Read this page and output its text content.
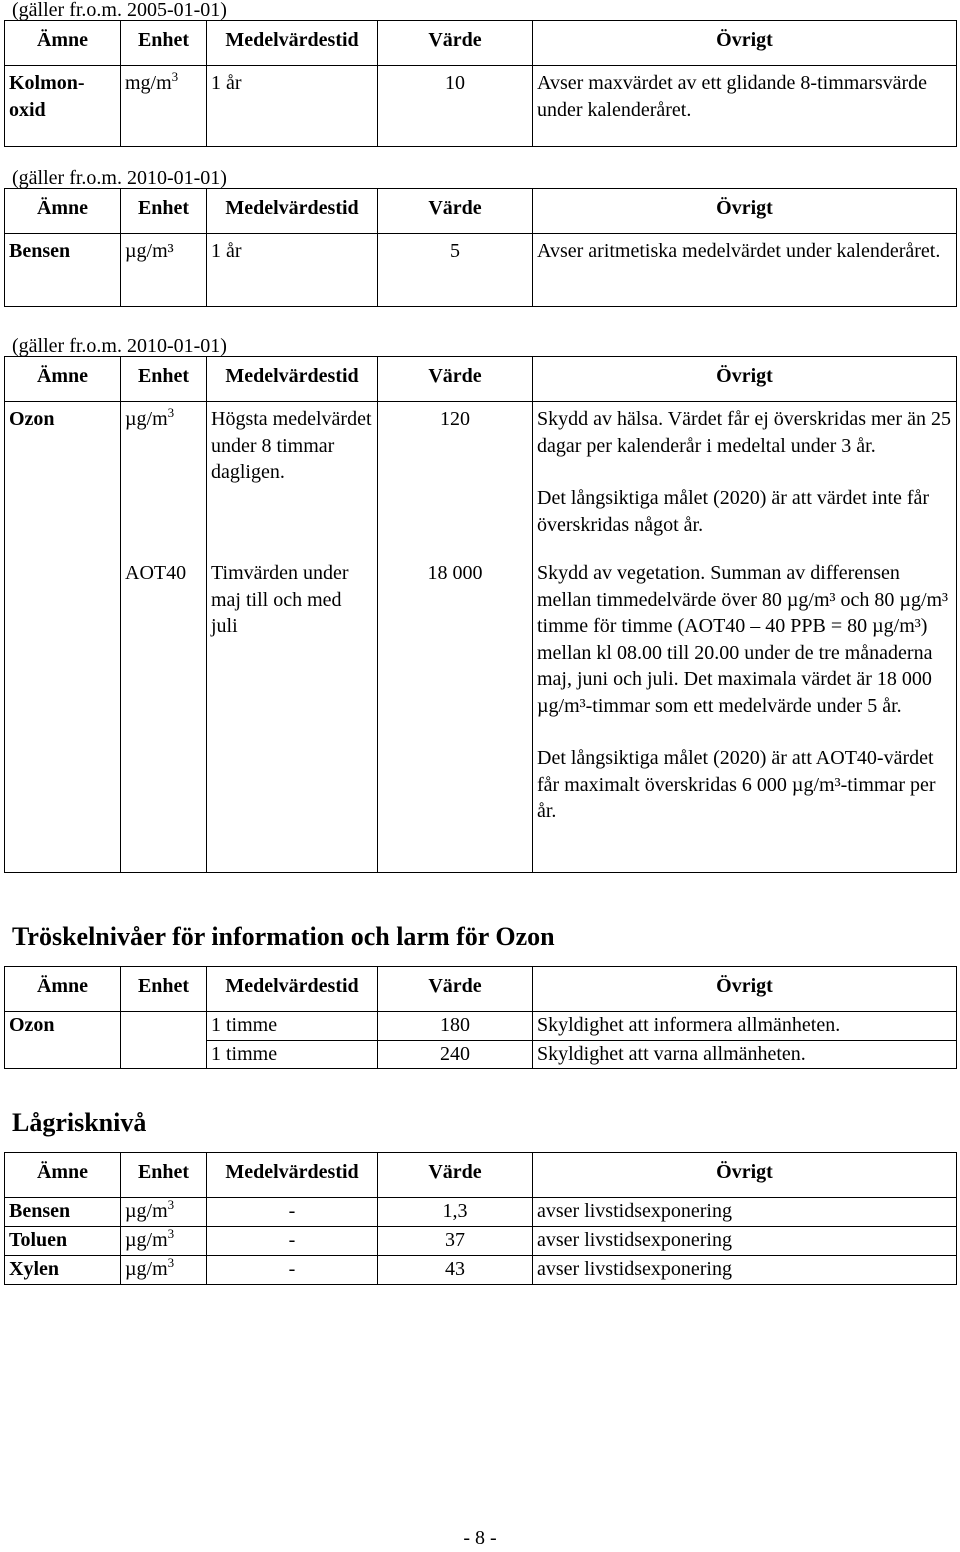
(gäller fr.o.m. 2005-01-01)
Ämne	Enhet	Medelvärdestid	Värde	Övrigt
Kolmon-oxid	$mg/m^3$	1 år	10	Avser maxvärdet av ett glidande 8-timmarsvärde under kalenderåret.
(gäller fr.o.m. 2010-01-01)
Ämne	Enhet	Medelvärdestid	Värde	Övrigt
Bensen	µg/m³	1 år	5	Avser aritmetiska medelvärdet under kalenderåret.
(gäller fr.o.m. 2010-01-01)
Ämne	Enhet	Medelvärdestid	Värde	Övrigt
Ozon	$\mu g/m^3$	Högsta medelvärdet under 8 timmar dagligen.	120	Skydd av hälsa. Värdet får ej överskridas mer än 25 dagar per kalenderår i medeltal under 3 år.
Det långsiktiga målet (2020) är att värdet inte får överskridas något år.

	AOT40	Timvärden under maj till och med juli	18 000	Skydd av vegetation. Summan av differensen mellan timmedelvärde över 80 µg/m³ och 80 µg/m³ timme för timme (AOT40 – 40 PPB = 80 µg/m³) mellan kl 08.00 till 20.00 under de tre månaderna maj, juni och juli. Det maximala värdet är 18 000 µg/m³-timmar som ett medelvärde under 5 år.
Det långsiktiga målet (2020) är att AOT40-värdet får maximalt överskridas 6 000 µg/m³-timmar per år.
Tröskelnivåer för information och larm för Ozon
Ämne	Enhet	Medelvärdestid	Värde	Övrigt
Ozon		1 timme	180	Skyldighet att informera allmänheten.
		1 timme	240	Skyldighet att varna allmänheten.
Lågrisknivå
Ämne	Enhet	Medelvärdestid	Värde	Övrigt
Bensen	$\mu g/m^3$	-	1,3	avser livstidsexponering
Toluen	$\mu g/m^3$	-	37	avser livstidsexponering
Xylen	$\mu g/m^3$	-	43	avser livstidsexponering
- 8 -
